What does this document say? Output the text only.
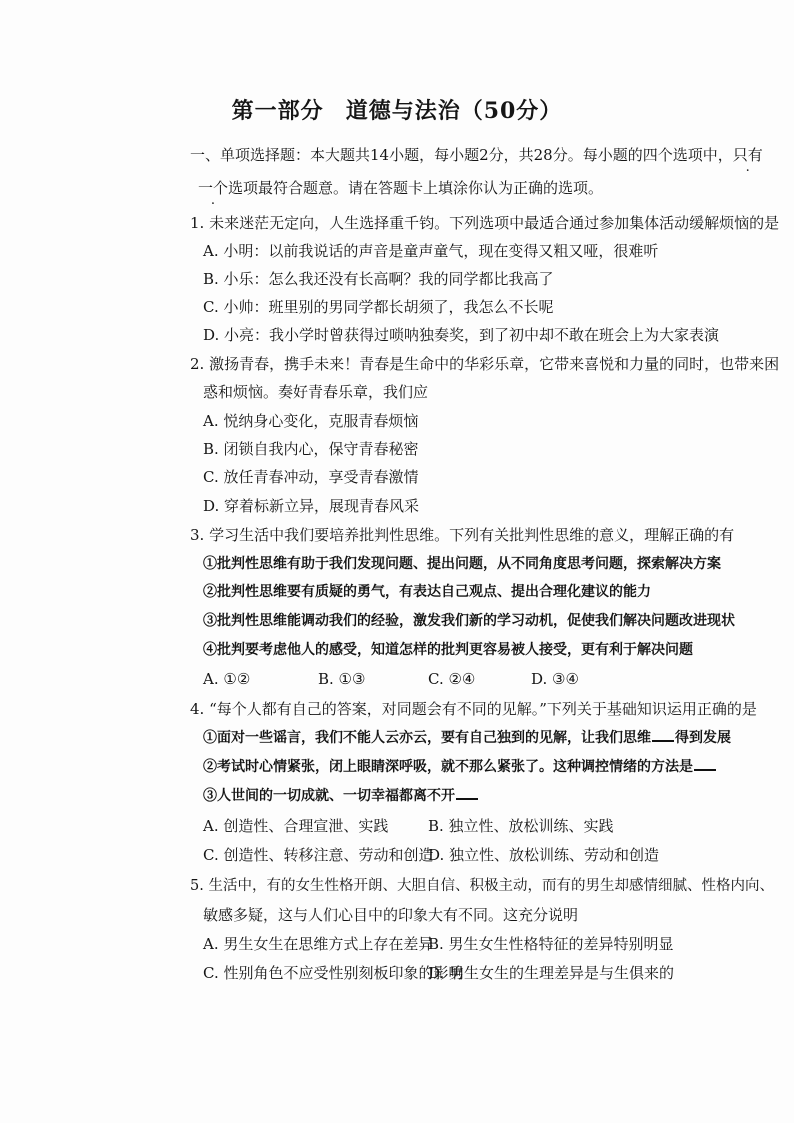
第一部分 道德与法治（50分）
一、单项选择题：本大题共14小题，每小题2分，共28分。每小题的四个选项中，只有
一个选项最符合题意。请在答题卡上填涂你认为正确的选项。
1. 未来迷茫无定向，人生选择重千钧。下列选项中最适合通过参加集体活动缓解烦恼的是
A. 小明：以前我说话的声音是童声童气，现在变得又粗又哑，很难听
B. 小乐：怎么我还没有长高啊？我的同学都比我高了
C. 小帅：班里别的男同学都长胡须了，我怎么不长呢
D. 小亮：我小学时曾获得过唢呐独奏奖，到了初中却不敢在班会上为大家表演
2. 激扬青春，携手未来！青春是生命中的华彩乐章，它带来喜悦和力量的同时，也带来困
惑和烦恼。奏好青春乐章，我们应
A. 悦纳身心变化，克服青春烦恼
B. 闭锁自我内心，保守青春秘密
C. 放任青春冲动，享受青春激情
D. 穿着标新立异，展现青春风采
3. 学习生活中我们要培养批判性思维。下列有关批判性思维的意义，理解正确的有
①批判性思维有助于我们发现问题、提出问题，从不同角度思考问题，探索解决方案
②批判性思维要有质疑的勇气，有表达自己观点、提出合理化建议的能力
③批判性思维能调动我们的经验，激发我们新的学习动机，促使我们解决问题改进现状
④批判要考虑他人的感受，知道怎样的批判更容易被人接受，更有利于解决问题
A. ①②	B. ①③	C. ②④	D. ③④
4. “每个人都有自己的答案，对同题会有不同的见解。”下列关于基础知识运用正确的是
①面对一些谣言，我们不能人云亦云，要有自己独到的见解，让我们思维 得到发展
②考试时心情紧张，闭上眼睛深呼吸，就不那么紧张了。这种调控情绪的方法是
③人世间的一切成就、一切幸福都离不开
A. 创造性、合理宣泄、实践	B. 独立性、放松训练、实践
C. 创造性、转移注意、劳动和创造
D. 独立性、放松训练、劳动和创造
5. 生活中，有的女生性格开朗、大胆自信、积极主动，而有的男生却感情细腻、性格内向、
敏感多疑，这与人们心目中的印象大有不同。这充分说明
A. 男生女生在思维方式上存在差异
B. 男生女生性格特征的差异特别明显
C. 性别角色不应受性别刻板印象的影响
D. 男生女生的生理差异是与生俱来的
